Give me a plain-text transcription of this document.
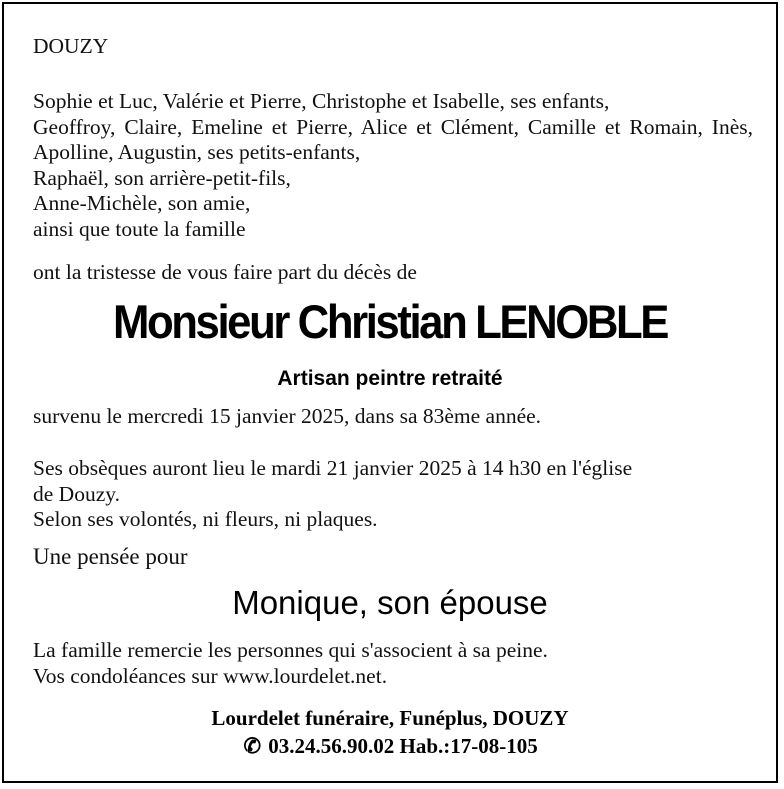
DOUZY
Sophie et Luc, Valérie et Pierre, Christophe et Isabelle, ses enfants,
Geoffroy, Claire, Emeline et Pierre, Alice et Clément, Camille et Romain, Inès, Apolline, Augustin, ses petits-enfants,
Raphaël, son arrière-petit-fils,
Anne-Michèle, son amie,
ainsi que toute la famille
ont la tristesse de vous faire part du décès de
Monsieur Christian LENOBLE
Artisan peintre retraité
survenu le mercredi 15 janvier 2025, dans sa 83ème année.
Ses obsèques auront lieu le mardi 21 janvier 2025 à 14 h30 en l'église
de Douzy.
Selon ses volontés, ni fleurs, ni plaques.
Une pensée pour
Monique, son épouse
La famille remercie les personnes qui s'associent à sa peine.
Vos condoléances sur www.lourdelet.net.
Lourdelet funéraire, Funéplus, DOUZY
✆ 03.24.56.90.02 Hab.:17-08-105
